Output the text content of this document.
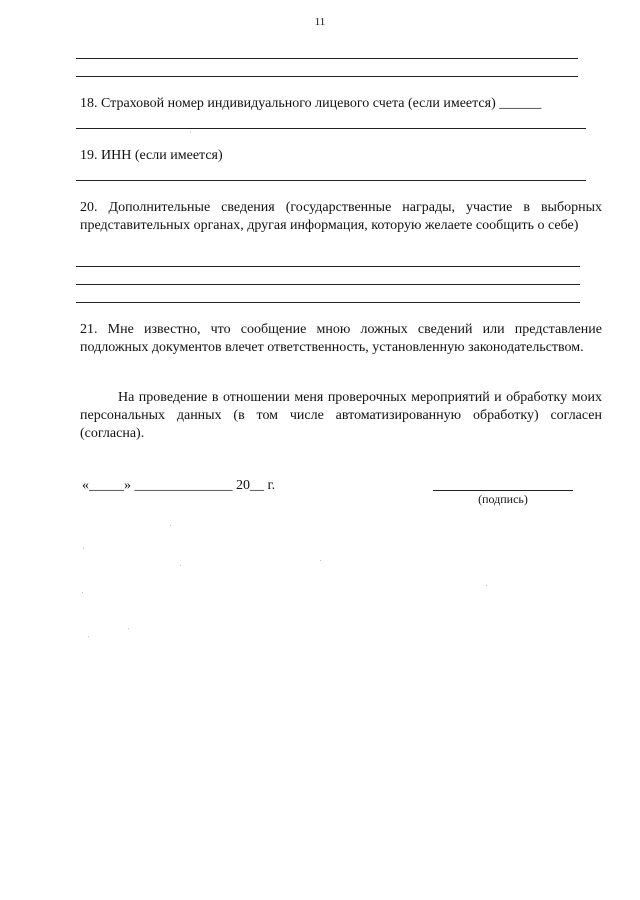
11
18. Страховой номер индивидуального лицевого счета (если имеется) ______
19. ИНН (если имеется)
20. Дополнительные сведения (государственные награды, участие в выборных представительных органах, другая информация, которую желаете сообщить о себе)
21. Мне известно, что сообщение мною ложных сведений или представление подложных документов влечет ответственность, установленную законодательством.
На проведение в отношении меня проверочных мероприятий и обработку моих персональных данных (в том числе автоматизированную обработку) согласен (согласна).
«_____» ______________ 20__ г.
(подпись)
